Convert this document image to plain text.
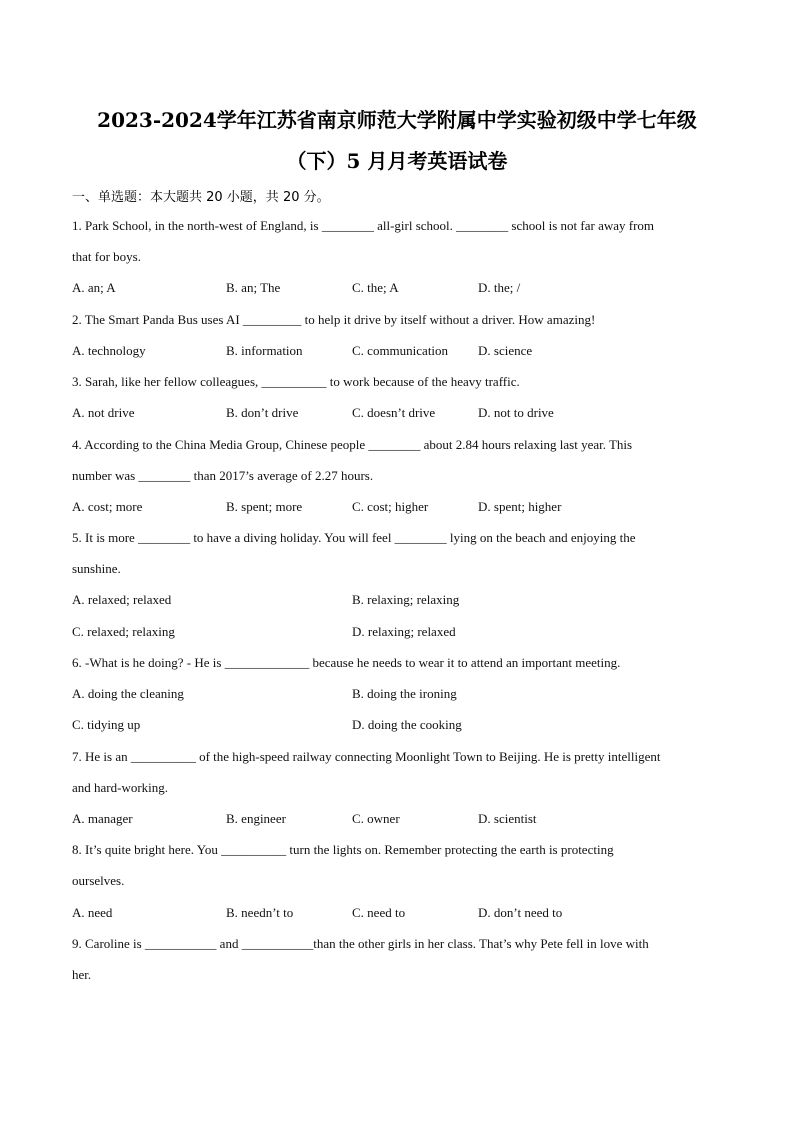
2023-2024学年江苏省南京师范大学附属中学实验初级中学七年级
（下）5 月月考英语试卷
一、单选题：本大题共 20 小题，共 20 分。
1. Park School, in the north-west of England, is ________ all-girl school. ________ school is not far away from
that for boys.
A. an; A	B. an; The	C. the; A	D. the; /
2. The Smart Panda Bus uses AI _________ to help it drive by itself without a driver. How amazing!
A. technology	B. information	C. communication D. science
3. Sarah, like her fellow colleagues, __________ to work because of the heavy traffic.
A. not drive	B. don’t drive	C. doesn’t drive	D. not to drive
4. According to the China Media Group, Chinese people ________ about 2.84 hours relaxing last year. This
number was ________ than 2017’s average of 2.27 hours.
A. cost; more	B. spent; more	C. cost; higher	D. spent; higher
5. It is more ________ to have a diving holiday. You will feel ________ lying on the beach and enjoying the
sunshine.
A. relaxed; relaxed	B. relaxing; relaxing
C. relaxed; relaxing	D. relaxing; relaxed
6. -What is he doing? - He is _____________ because he needs to wear it to attend an important meeting.
A. doing the cleaning	B. doing the ironing
C. tidying up	D. doing the cooking
7. He is an __________ of the high-speed railway connecting Moonlight Town to Beijing. He is pretty intelligent
and hard-working.
A. manager	B. engineer	C. owner	D. scientist
8. It’s quite bright here. You __________ turn the lights on. Remember protecting the earth is protecting
ourselves.
A. need	B. needn’t to	C. need to	D. don’t need to
9. Caroline is ___________ and ___________than the other girls in her class. That’s why Pete fell in love with
her.
